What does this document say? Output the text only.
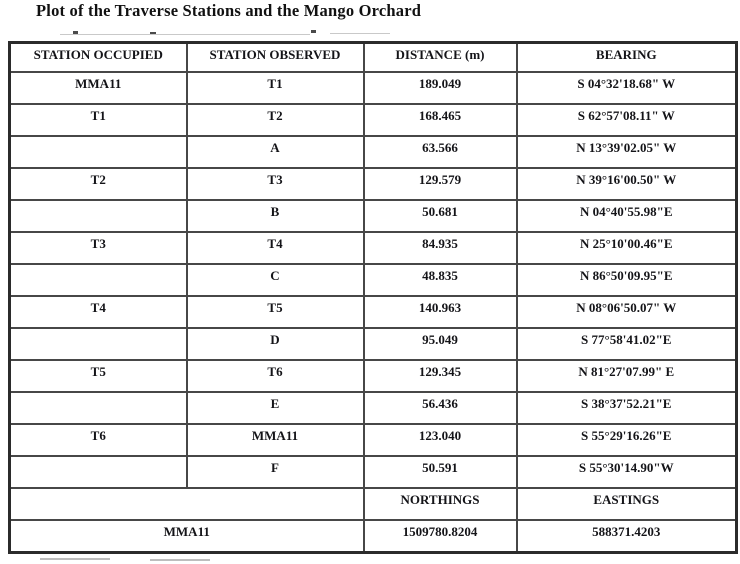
Plot of the Traverse Stations and the Mango Orchard
STATION OCCUPIED	STATION OBSERVED	DISTANCE (m)	BEARING
MMA11	T1	189.049	S 04°32'18.68" W
T1	T2	168.465	S 62°57'08.11" W
	A	63.566	N 13°39'02.05" W
T2	T3	129.579	N 39°16'00.50" W
	B	50.681	N 04°40'55.98"E
T3	T4	84.935	N 25°10'00.46"E
	C	48.835	N 86°50'09.95"E
T4	T5	140.963	N 08°06'50.07" W
	D	95.049	S 77°58'41.02"E
T5	T6	129.345	N 81°27'07.99" E
	E	56.436	S 38°37'52.21"E
T6	MMA11	123.040	S 55°29'16.26"E
	F	50.591	S 55°30'14.90"W
		NORTHINGS	EASTINGS
MMA11		1509780.8204	588371.4203
